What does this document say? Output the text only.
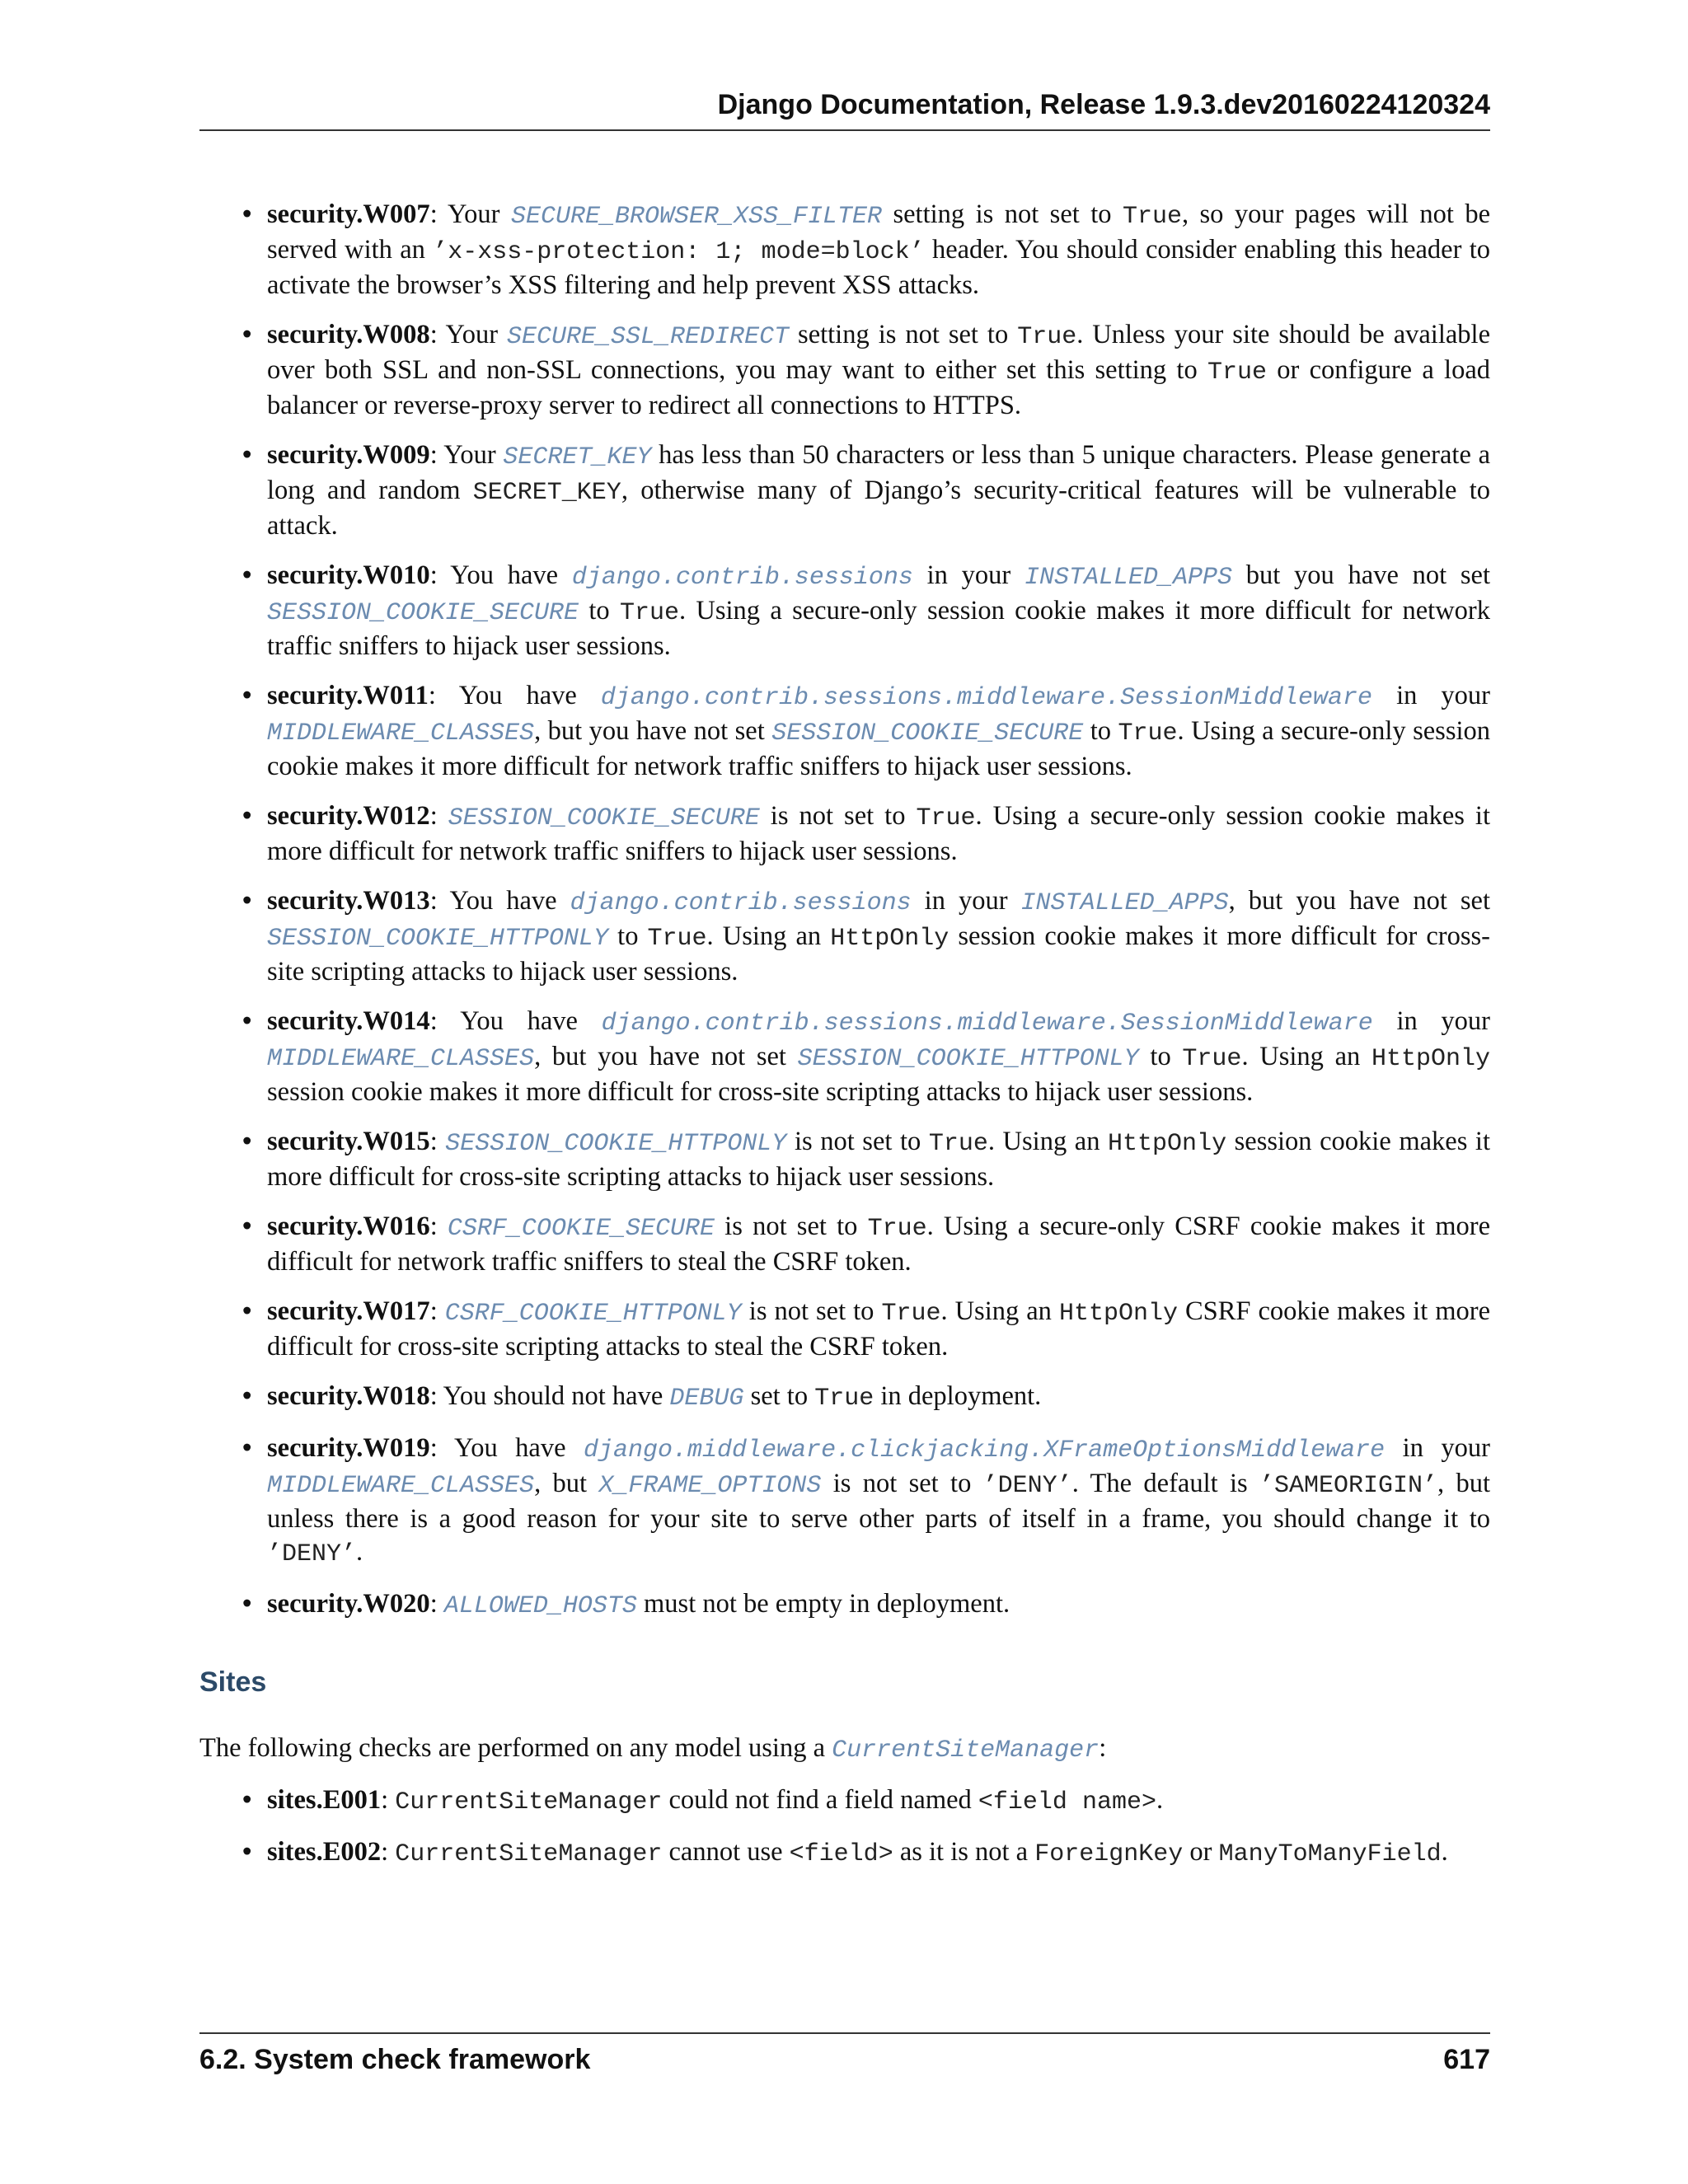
Django Documentation, Release 1.9.3.dev20160224120324
• security.W007: Your SECURE_BROWSER_XSS_FILTER setting is not set to True, so your pages will not be served with an ’x-xss-protection: 1; mode=block’ header. You should consider enabling this header to activate the browser’s XSS filtering and help prevent XSS attacks.
• security.W008: Your SECURE_SSL_REDIRECT setting is not set to True. Unless your site should be available over both SSL and non-SSL connections, you may want to either set this setting to True or configure a load balancer or reverse-proxy server to redirect all connections to HTTPS.
• security.W009: Your SECRET_KEY has less than 50 characters or less than 5 unique characters. Please generate a long and random SECRET_KEY, otherwise many of Django’s security-critical features will be vulnerable to attack.
• security.W010: You have django.contrib.sessions in your INSTALLED_APPS but you have not set SESSION_COOKIE_SECURE to True. Using a secure-only session cookie makes it more difficult for network traffic sniffers to hijack user sessions.
• security.W011: You have django.contrib.sessions.middleware.SessionMiddleware in your MIDDLEWARE_CLASSES, but you have not set SESSION_COOKIE_SECURE to True. Using a secure-only session cookie makes it more difficult for network traffic sniffers to hijack user sessions.
• security.W012: SESSION_COOKIE_SECURE is not set to True. Using a secure-only session cookie makes it more difficult for network traffic sniffers to hijack user sessions.
• security.W013: You have django.contrib.sessions in your INSTALLED_APPS, but you have not set SESSION_COOKIE_HTTPONLY to True. Using an HttpOnly session cookie makes it more difficult for cross-site scripting attacks to hijack user sessions.
• security.W014: You have django.contrib.sessions.middleware.SessionMiddleware in your MIDDLEWARE_CLASSES, but you have not set SESSION_COOKIE_HTTPONLY to True. Using an HttpOnly session cookie makes it more difficult for cross-site scripting attacks to hijack user sessions.
• security.W015: SESSION_COOKIE_HTTPONLY is not set to True. Using an HttpOnly session cookie makes it more difficult for cross-site scripting attacks to hijack user sessions.
• security.W016: CSRF_COOKIE_SECURE is not set to True. Using a secure-only CSRF cookie makes it more difficult for network traffic sniffers to steal the CSRF token.
• security.W017: CSRF_COOKIE_HTTPONLY is not set to True. Using an HttpOnly CSRF cookie makes it more difficult for cross-site scripting attacks to steal the CSRF token.
• security.W018: You should not have DEBUG set to True in deployment.
• security.W019: You have django.middleware.clickjacking.XFrameOptionsMiddleware in your MIDDLEWARE_CLASSES, but X_FRAME_OPTIONS is not set to ’DENY’. The default is ’SAMEORIGIN’, but unless there is a good reason for your site to serve other parts of itself in a frame, you should change it to ’DENY’.
• security.W020: ALLOWED_HOSTS must not be empty in deployment.
Sites

The following checks are performed on any model using a CurrentSiteManager:

• sites.E001: CurrentSiteManager could not find a field named <field name>.
• sites.E002: CurrentSiteManager cannot use <field> as it is not a ForeignKey or ManyToManyField.
6.2. System check framework	617
